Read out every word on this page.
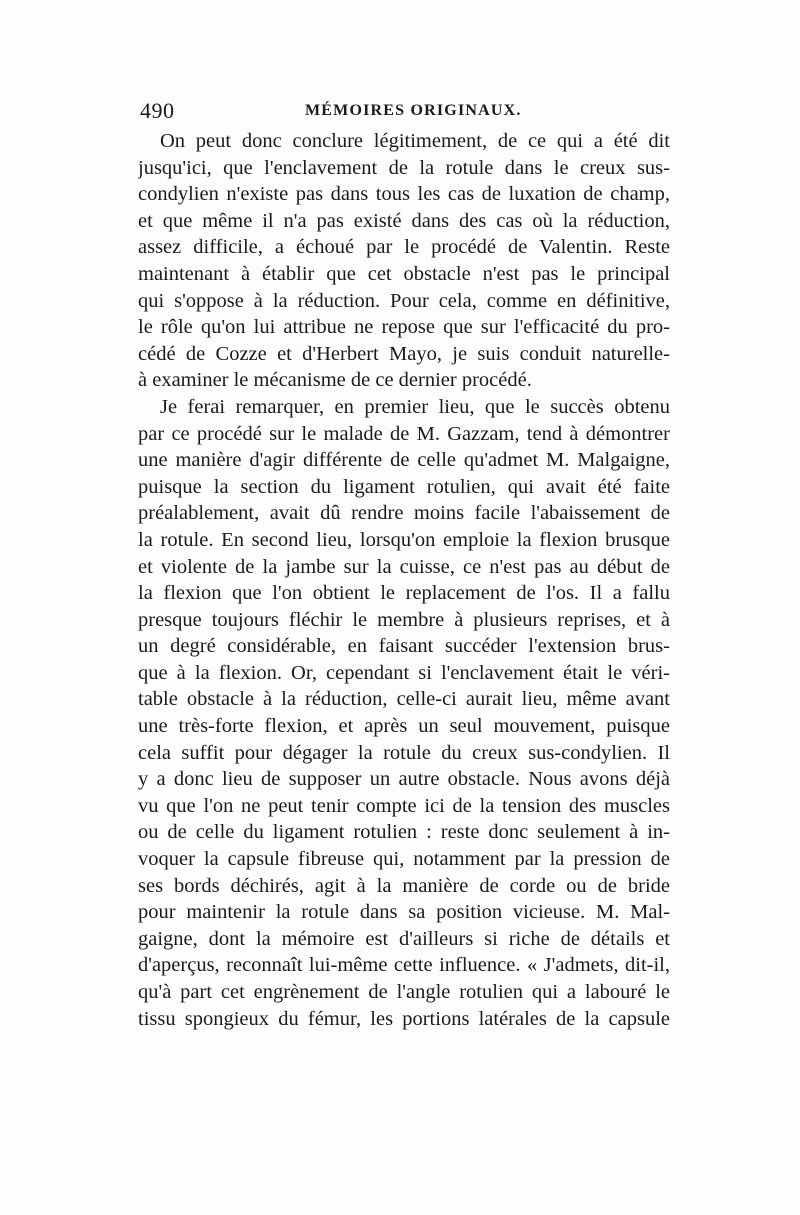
490	MÉMOIRES ORIGINAUX.
On peut donc conclure légitimement, de ce qui a été dit
jusqu'ici, que l'enclavement de la rotule dans le creux sus-
condylien n'existe pas dans tous les cas de luxation de champ,
et que même il n'a pas existé dans des cas où la réduction,
assez difficile, a échoué par le procédé de Valentin. Reste
maintenant à établir que cet obstacle n'est pas le principal
qui s'oppose à la réduction. Pour cela, comme en définitive,
le rôle qu'on lui attribue ne repose que sur l'efficacité du pro-
cédé de Cozze et d'Herbert Mayo, je suis conduit naturelle-
à examiner le mécanisme de ce dernier procédé.
Je ferai remarquer, en premier lieu, que le succès obtenu
par ce procédé sur le malade de M. Gazzam, tend à démontrer
une manière d'agir différente de celle qu'admet M. Malgaigne,
puisque la section du ligament rotulien, qui avait été faite
préalablement, avait dû rendre moins facile l'abaissement de
la rotule. En second lieu, lorsqu'on emploie la flexion brusque
et violente de la jambe sur la cuisse, ce n'est pas au début de
la flexion que l'on obtient le replacement de l'os. Il a fallu
presque toujours fléchir le membre à plusieurs reprises, et à
un degré considérable, en faisant succéder l'extension brus-
que à la flexion. Or, cependant si l'enclavement était le véri-
table obstacle à la réduction, celle-ci aurait lieu, même avant
une très-forte flexion, et après un seul mouvement, puisque
cela suffit pour dégager la rotule du creux sus-condylien. Il
y a donc lieu de supposer un autre obstacle. Nous avons déjà
vu que l'on ne peut tenir compte ici de la tension des muscles
ou de celle du ligament rotulien : reste donc seulement à in-
voquer la capsule fibreuse qui, notamment par la pression de
ses bords déchirés, agit à la manière de corde ou de bride
pour maintenir la rotule dans sa position vicieuse. M. Mal-
gaigne, dont la mémoire est d'ailleurs si riche de détails et
d'aperçus, reconnaît lui-même cette influence. « J'admets, dit-il,
qu'à part cet engrènement de l'angle rotulien qui a labouré le
tissu spongieux du fémur, les portions latérales de la capsule
